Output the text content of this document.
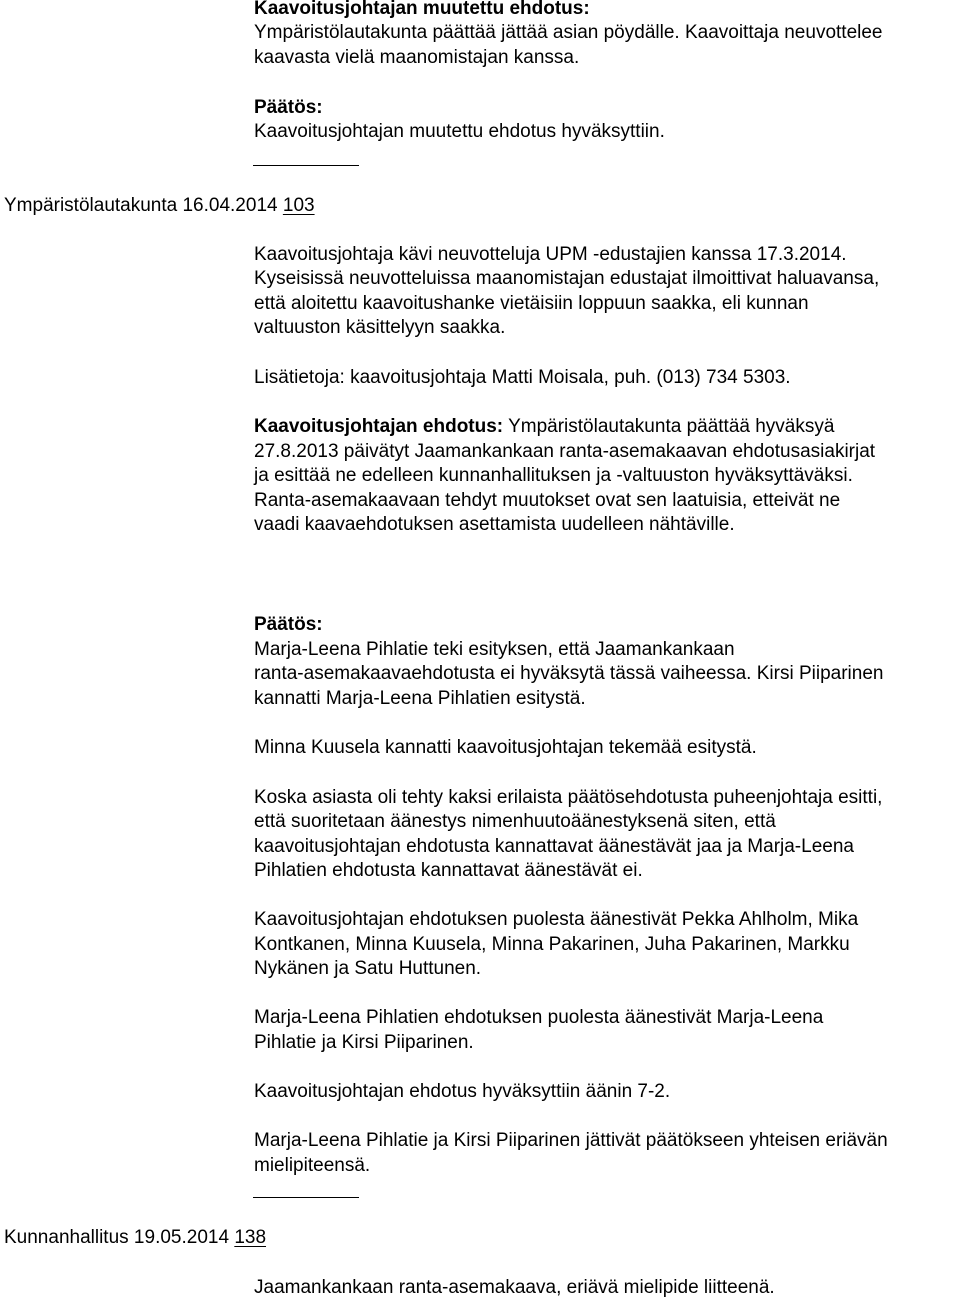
Kaavoitusjohtajan muutettu ehdotus:
Ympäristölautakunta päättää jättää asian pöydälle. Kaavoittaja neuvottelee
kaavasta vielä maanomistajan kanssa.
Päätös:
Kaavoitusjohtajan muutettu ehdotus hyväksyttiin.
Ympäristölautakunta 16.04.2014 103
Kaavoitusjohtaja kävi neuvotteluja UPM -edustajien kanssa 17.3.2014.
Kyseisissä neuvotteluissa maanomistajan edustajat ilmoittivat haluavansa,
että aloitettu kaavoitushanke vietäisiin loppuun saakka, eli kunnan
valtuuston käsittelyyn saakka.
Lisätietoja: kaavoitusjohtaja Matti Moisala, puh. (013) 734 5303.
Kaavoitusjohtajan ehdotus: Ympäristölautakunta päättää hyväksyä
27.8.2013 päivätyt Jaamankankaan ranta-asemakaavan ehdotusasiakirjat
ja esittää ne edelleen kunnanhallituksen ja -valtuuston hyväksyttäväksi.
Ranta-asemakaavaan tehdyt muutokset ovat sen laatuisia, etteivät ne
vaadi kaavaehdotuksen asettamista uudelleen nähtäville.
Päätös:
Marja-Leena Pihlatie teki esityksen, että Jaamankankaan
ranta-asemakaavaehdotusta ei hyväksytä tässä vaiheessa. Kirsi Piiparinen
kannatti Marja-Leena Pihlatien esitystä.
Minna Kuusela kannatti kaavoitusjohtajan tekemää esitystä.
Koska asiasta oli tehty kaksi erilaista päätösehdotusta puheenjohtaja esitti,
että suoritetaan äänestys nimenhuutoäänestyksenä siten, että
kaavoitusjohtajan ehdotusta kannattavat äänestävät jaa ja Marja-Leena
Pihlatien ehdotusta kannattavat äänestävät ei.
Kaavoitusjohtajan ehdotuksen puolesta äänestivät Pekka Ahlholm, Mika
Kontkanen, Minna Kuusela, Minna Pakarinen, Juha Pakarinen, Markku
Nykänen ja Satu Huttunen.
Marja-Leena Pihlatien ehdotuksen puolesta äänestivät Marja-Leena
Pihlatie ja Kirsi Piiparinen.
Kaavoitusjohtajan ehdotus hyväksyttiin äänin 7-2.
Marja-Leena Pihlatie ja Kirsi Piiparinen jättivät päätökseen yhteisen eriävän
mielipiteensä.
Kunnanhallitus 19.05.2014 138
Jaamankankaan ranta-asemakaava, eriävä mielipide liitteenä.
